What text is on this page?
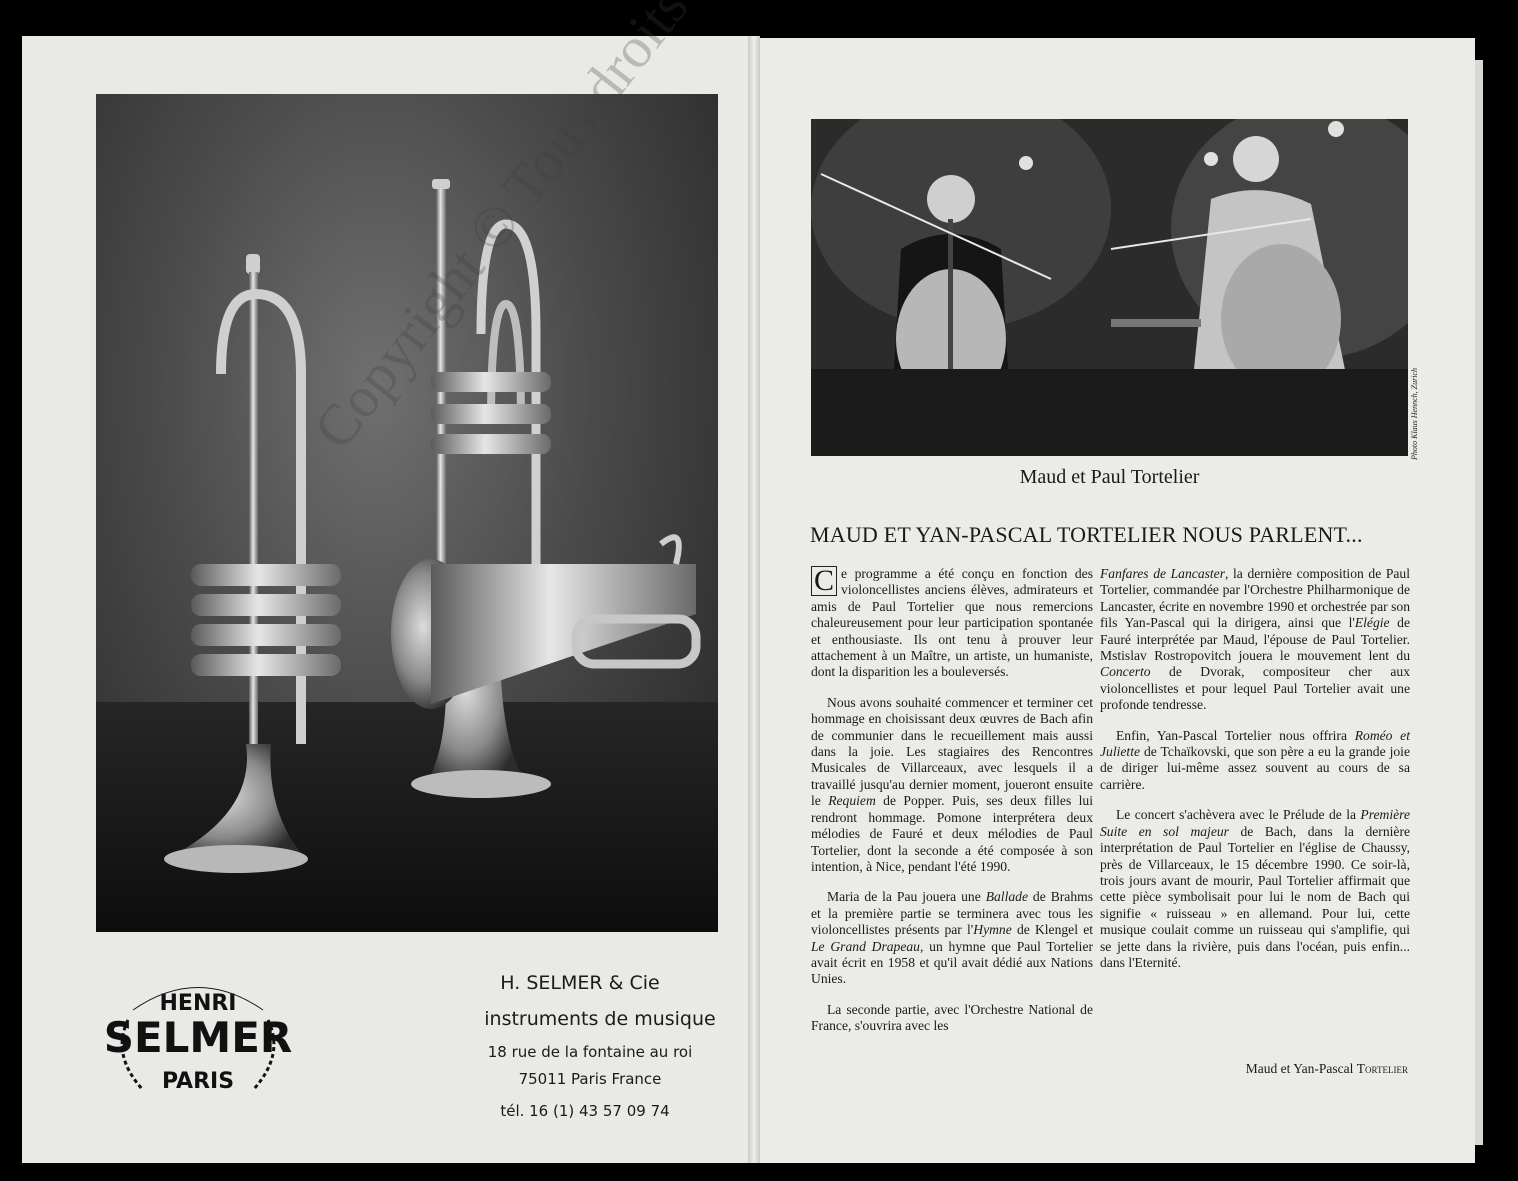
HENRI
SELMER
PARIS
H. SELMER & Cie
instruments de musique
18 rue de la fontaine au roi
75011 Paris France
tél. 16 (1) 43 57 09 74
Photo Klaus Hennch, Zurich
Maud et Paul Tortelier
MAUD ET YAN-PASCAL TORTELIER NOUS PARLENT...

C e programme a été conçu en fonction des violoncellistes anciens élèves, admirateurs et amis de Paul Tortelier que nous remercions chaleureusement pour leur participation spontanée et enthousiaste. Ils ont tenu à prouver leur attachement à un Maître, un artiste, un humaniste, dont la disparition les a bouleversés.

Nous avons souhaité commencer et terminer cet hommage en choisissant deux œuvres de Bach afin de communier dans le recueillement mais aussi dans la joie. Les stagiaires des Rencontres Musicales de Villarceaux, avec lesquels il a travaillé jusqu'au dernier moment, joueront ensuite le Requiem de Popper. Puis, ses deux filles lui rendront hommage. Pomone interprétera deux mélodies de Fauré et deux mélodies de Paul Tortelier, dont la seconde a été composée à son intention, à Nice, pendant l'été 1990.

Maria de la Pau jouera une Ballade de Brahms et la première partie se terminera avec tous les violoncellistes présents par l'Hymne de Klengel et Le Grand Drapeau, un hymne que Paul Tortelier avait écrit en 1958 et qu'il avait dédié aux Nations Unies.

La seconde partie, avec l'Orchestre National de France, s'ouvrira avec les

Fanfares de Lancaster, la dernière composition de Paul Tortelier, commandée par l'Orchestre Philharmonique de Lancaster, écrite en novembre 1990 et orchestrée par son fils Yan-Pascal qui la dirigera, ainsi que l'Elégie de Fauré interprétée par Maud, l'épouse de Paul Tortelier. Mstislav Rostropovitch jouera le mouvement lent du Concerto de Dvorak, compositeur cher aux violoncellistes et pour lequel Paul Tortelier avait une profonde tendresse.

Enfin, Yan-Pascal Tortelier nous offrira Roméo et Juliette de Tchaïkovski, que son père a eu la grande joie de diriger lui-même assez souvent au cours de sa carrière.

Le concert s'achèvera avec le Prélude de la Première Suite en sol majeur de Bach, dans la dernière interprétation de Paul Tortelier en l'église de Chaussy, près de Villarceaux, le 15 décembre 1990. Ce soir-là, trois jours avant de mourir, Paul Tortelier affirmait que cette pièce symbolisait pour lui le nom de Bach qui signifie « ruisseau » en allemand. Pour lui, cette musique coulait comme un ruisseau qui s'amplifie, qui se jette dans la rivière, puis dans l'océan, puis enfin... dans l'Eternité.

Maud et Yan-Pascal Tortelier
Copyright © Tous droits
